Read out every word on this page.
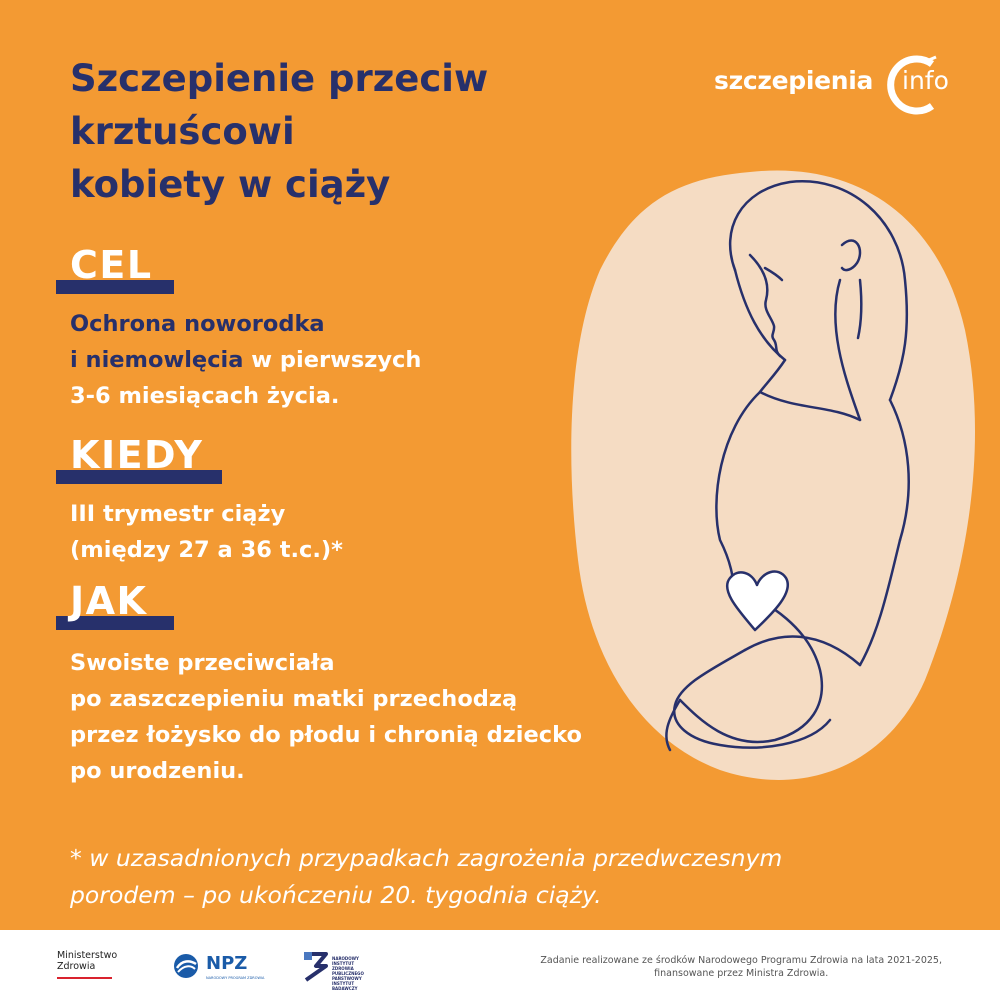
Szczepienie przeciw
krztuścowi
kobiety w ciąży
szczepienia info
CEL

Ochrona noworodka
i niemowlęcia w pierwszych
3-6 miesiącach życia.

KIEDY

III trymestr ciąży
(między 27 a 36 t.c.)*

JAK

Swoiste przeciwciała
po zaszczepieniu matki przechodzą
przez łożysko do płodu i chronią dziecko
po urodzeniu.

* w uzasadnionych przypadkach zagrożenia przedwczesnym
porodem – po ukończeniu 20. tygodnia ciąży.

Ministerstwo
Zdrowia	NPZ
NARODOWY PROGRAM ZDROWIA
NARODOWY
INSTYTUT
ZDROWIA
PUBLICZNEGO
PAŃSTWOWY INSTYTUT
BADAWCZY
Zadanie realizowane ze środków Narodowego Programu Zdrowia na lata 2021-2025,
finansowane przez Ministra Zdrowia.
